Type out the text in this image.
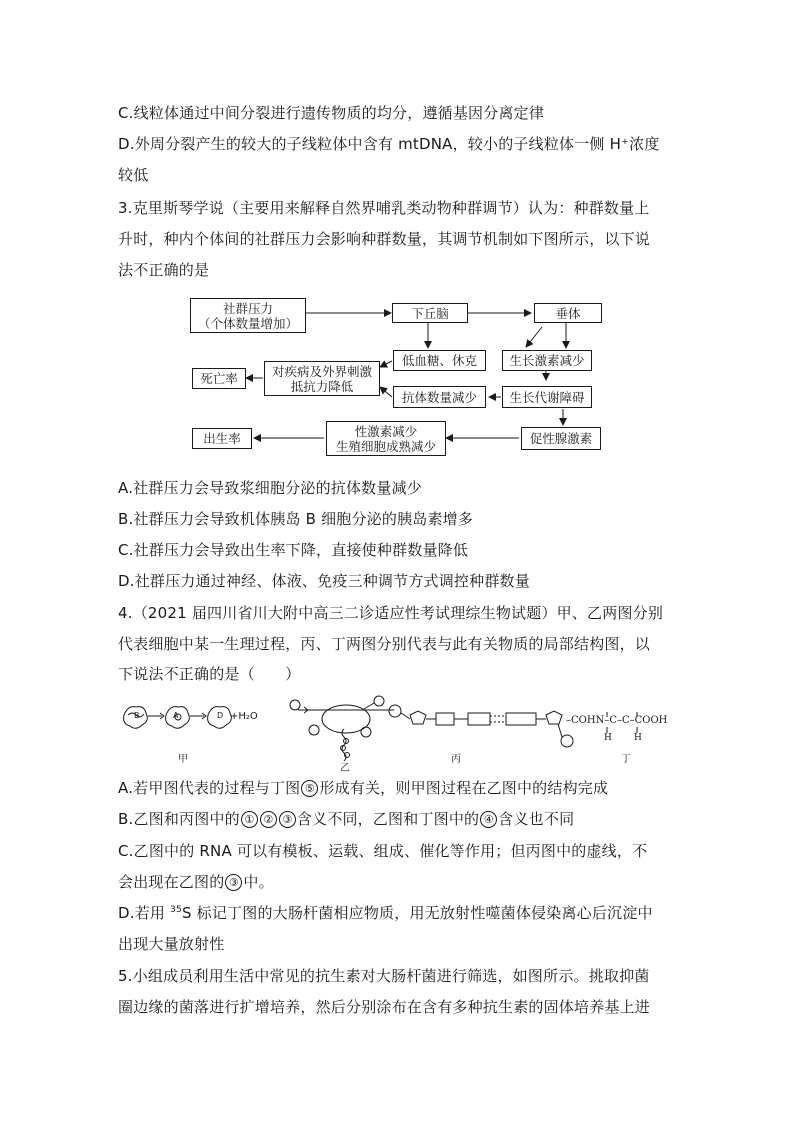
C.线粒体通过中间分裂进行遗传物质的均分，遵循基因分离定律
D.外周分裂产生的较大的子线粒体中含有 mtDNA，较小的子线粒体一侧 H⁺浓度
较低
3.克里斯琴学说（主要用来解释自然界哺乳类动物种群调节）认为：种群数量上
升时，种内个体间的社群压力会影响种群数量，其调节机制如下图所示，以下说
法不正确的是
社群压力
（个体数量增加）
下丘脑	垂体
死亡率	对疾病及外界刺激
抵抗力降低
低血糖、休克	生长激素减少
抗体数量减少	生长代谢障碍
出生率	性激素减少
生殖细胞成熟减少	促性腺激素
A.社群压力会导致浆细胞分泌的抗体数量减少
B.社群压力会导致机体胰岛 B 细胞分泌的胰岛素增多
C.社群压力会导致出生率下降，直接使种群数量降低
D.社群压力通过神经、体液、免疫三种调节方式调控种群数量
4.（2021 届四川省川大附中高三二诊适应性考试理综生物试题）甲、乙两图分别
代表细胞中某一生理过程，丙、丁两图分别代表与此有关物质的局部结构图，以
下说法不正确的是（　　）
甲
乙
丙	丁
+H₂O
A
B	D	–COHN–C–C–COOH
H H
A.若甲图代表的过程与丁图 ⑤ 形成有关，则甲图过程在乙图中的结构完成
B.乙图和丙图中的 ① ② ③ 含义不同，乙图和丁图中的 ④ 含义也不同
C.乙图中的 RNA 可以有模板、运载、组成、催化等作用；但丙图中的虚线，不
会出现在乙图的 ③ 中。
D.若用 $^{35}$S 标记丁图的大肠杆菌相应物质，用无放射性噬菌体侵染离心后沉淀中
出现大量放射性
5.小组成员利用生活中常见的抗生素对大肠杆菌进行筛选，如图所示。挑取抑菌
圈边缘的菌落进行扩增培养，然后分别涂布在含有多种抗生素的固体培养基上进
